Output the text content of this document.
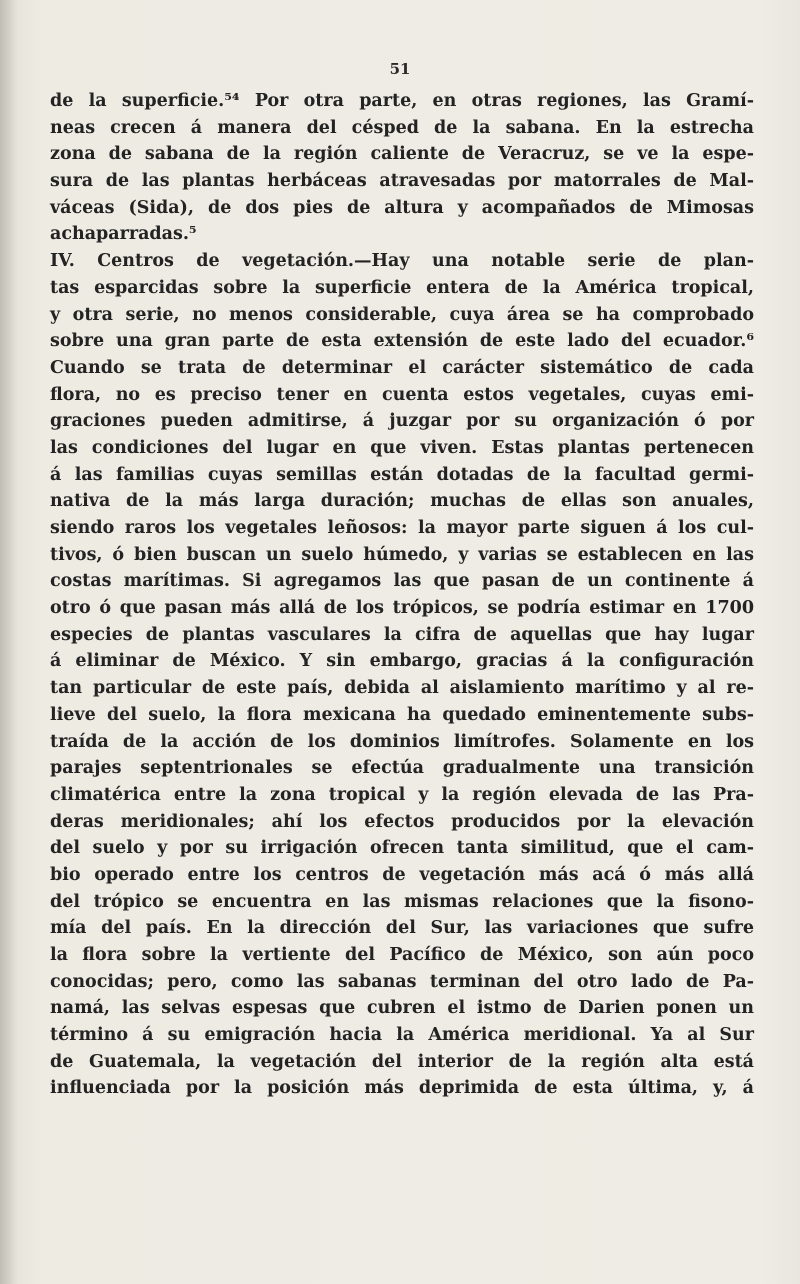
51

de la superficie.⁵⁴ Por otra parte, en otras regiones, las Gramí-

neas crecen á manera del césped de la sabana. En la estrecha

zona de sabana de la región caliente de Veracruz, se ve la espe-

sura de las plantas herbáceas atravesadas por matorrales de Mal-

váceas (Sida), de dos pies de altura y acompañados de Mimosas

achaparradas.⁵

IV. Centros de vegetación.—Hay una notable serie de plan-

tas esparcidas sobre la superficie entera de la América tropical,

y otra serie, no menos considerable, cuya área se ha comprobado

sobre una gran parte de esta extensión de este lado del ecuador.⁶

Cuando se trata de determinar el carácter sistemático de cada

flora, no es preciso tener en cuenta estos vegetales, cuyas emi-

graciones pueden admitirse, á juzgar por su organización ó por

las condiciones del lugar en que viven. Estas plantas pertenecen

á las familias cuyas semillas están dotadas de la facultad germi-

nativa de la más larga duración; muchas de ellas son anuales,

siendo raros los vegetales leñosos: la mayor parte siguen á los cul-

tivos, ó bien buscan un suelo húmedo, y varias se establecen en las

costas marítimas. Si agregamos las que pasan de un continente á

otro ó que pasan más allá de los trópicos, se podría estimar en 1700

especies de plantas vasculares la cifra de aquellas que hay lugar

á eliminar de México. Y sin embargo, gracias á la configuración

tan particular de este país, debida al aislamiento marítimo y al re-

lieve del suelo, la flora mexicana ha quedado eminentemente subs-

traída de la acción de los dominios limítrofes. Solamente en los

parajes septentrionales se efectúa gradualmente una transición

climatérica entre la zona tropical y la región elevada de las Pra-

deras meridionales; ahí los efectos producidos por la elevación

del suelo y por su irrigación ofrecen tanta similitud, que el cam-

bio operado entre los centros de vegetación más acá ó más allá

del trópico se encuentra en las mismas relaciones que la fisono-

mía del país. En la dirección del Sur, las variaciones que sufre

la flora sobre la vertiente del Pacífico de México, son aún poco

conocidas; pero, como las sabanas terminan del otro lado de Pa-

namá, las selvas espesas que cubren el istmo de Darien ponen un

término á su emigración hacia la América meridional. Ya al Sur

de Guatemala, la vegetación del interior de la región alta está

influenciada por la posición más deprimida de esta última, y, á
